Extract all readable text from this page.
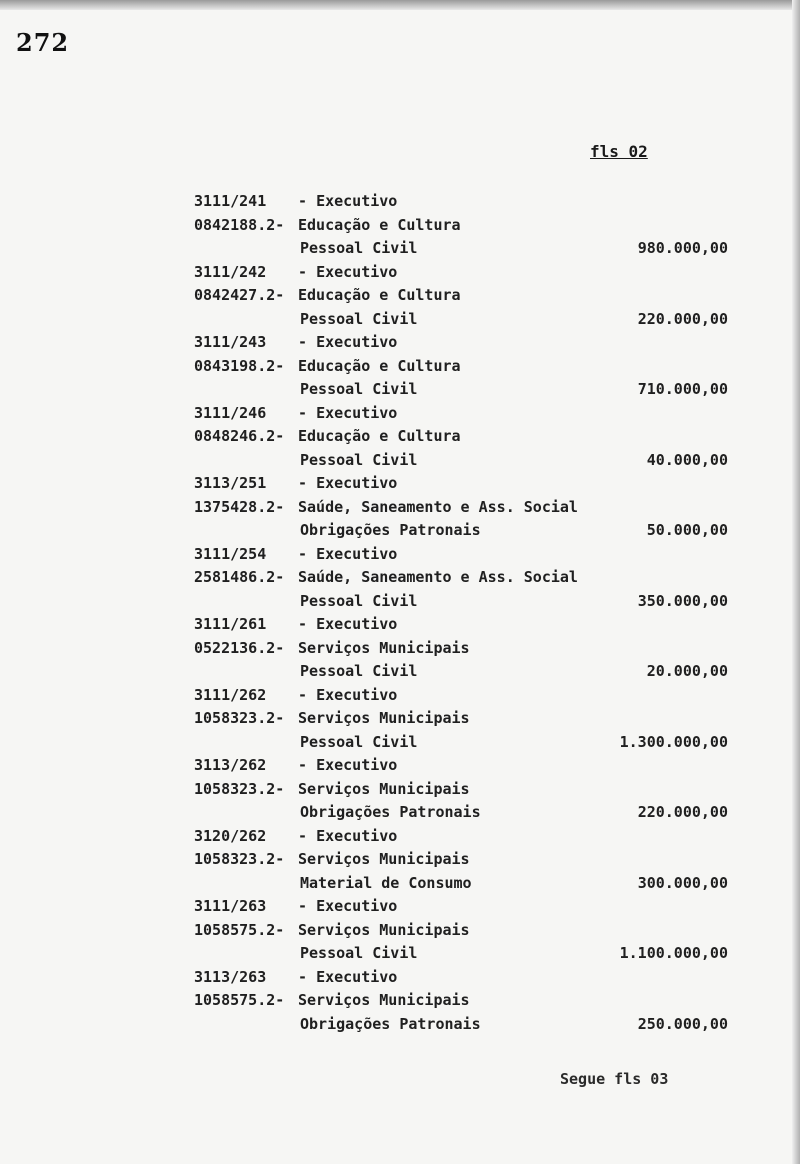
272
fls 02
3111/241 - Executivo
0842188.2- Educação e Cultura
Pessoal Civil	980.000,00
3111/242 - Executivo
0842427.2- Educação e Cultura
Pessoal Civil	220.000,00
3111/243 - Executivo
0843198.2- Educação e Cultura
Pessoal Civil	710.000,00
3111/246 - Executivo
0848246.2- Educação e Cultura
Pessoal Civil	40.000,00
3113/251 - Executivo
1375428.2- Saúde, Saneamento e Ass. Social
Obrigações Patronais	50.000,00
3111/254 - Executivo
2581486.2- Saúde, Saneamento e Ass. Social
Pessoal Civil	350.000,00
3111/261 - Executivo
0522136.2- Serviços Municipais
Pessoal Civil	20.000,00
3111/262 - Executivo
1058323.2- Serviços Municipais
Pessoal Civil	1.300.000,00
3113/262 - Executivo
1058323.2- Serviços Municipais
Obrigações Patronais	220.000,00
3120/262 - Executivo
1058323.2- Serviços Municipais
Material de Consumo	300.000,00
3111/263 - Executivo
1058575.2- Serviços Municipais
Pessoal Civil	1.100.000,00
3113/263 - Executivo
1058575.2- Serviços Municipais
Obrigações Patronais	250.000,00
Segue fls 03
